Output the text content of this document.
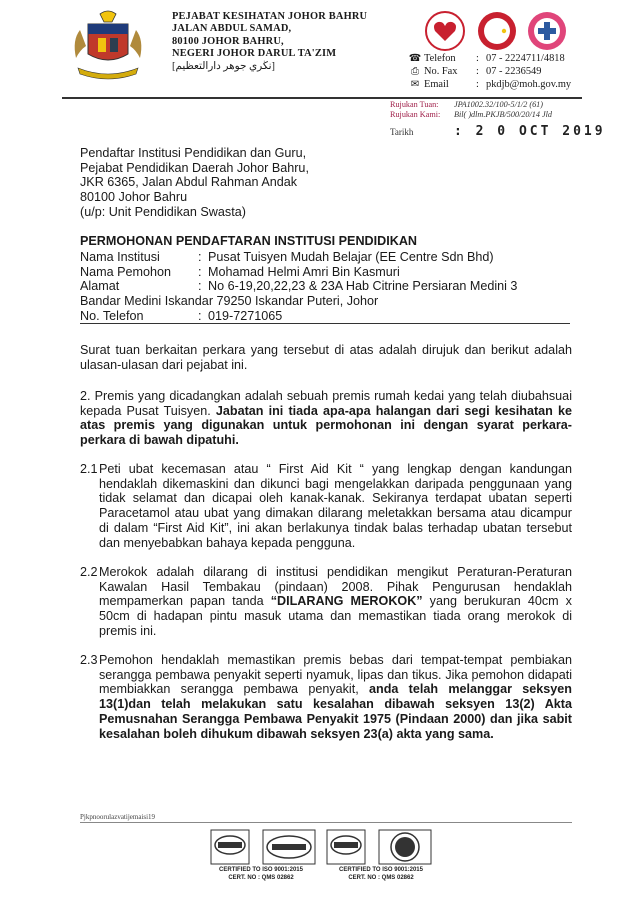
PEJABAT KESIHATAN JOHOR BAHRU
JALAN ABDUL SAMAD,
80100 JOHOR BAHRU,
NEGERI JOHOR DARUL TA'ZIM
[نڬري جوهر دارالتعظيم]
☎ Telefon	: 07 - 2224711/4818
⎙ No. Fax	: 07 - 2236549
✉ Email	: pkdjb@moh.gov.my
Rujukan Tuan:	JPA1002.32/100-5/1/2 (61)
Rujukan Kami:	Bil( )dlm.PKJB/500/20/14 Jld
Tarikh	: 2 0 OCT 2019
Pendaftar Institusi Pendidikan dan Guru,
Pejabat Pendidikan Daerah Johor Bahru,
JKR 6365, Jalan Abdul Rahman Andak
80100 Johor Bahru
(u/p: Unit Pendidikan Swasta)
PERMOHONAN PENDAFTARAN INSTITUSI PENDIDIKAN
Nama Institusi	: Pusat Tuisyen Mudah Belajar (EE Centre Sdn Bhd)
Nama Pemohon	: Mohamad Helmi Amri Bin Kasmuri
Alamat	: No 6-19,20,22,23 & 23A Hab Citrine Persiaran Medini 3
Bandar Medini Iskandar 79250 Iskandar Puteri, Johor
No. Telefon	: 019-7271065

Surat tuan berkaitan perkara yang tersebut di atas adalah dirujuk dan berikut adalah ulasan-ulasan dari pejabat ini.

2. Premis yang dicadangkan adalah sebuah premis rumah kedai yang telah diubahsuai kepada Pusat Tuisyen. Jabatan ini tiada apa-apa halangan dari segi kesihatan ke atas premis yang digunakan untuk permohonan ini dengan syarat perkara-perkara di bawah dipatuhi.

2.1 Peti ubat kecemasan atau “ First Aid Kit “ yang lengkap dengan kandungan hendaklah dikemaskini dan dikunci bagi mengelakkan daripada penggunaan yang tidak selamat dan dicapai oleh kanak-kanak. Sekiranya terdapat ubatan seperti Paracetamol atau ubat yang dimakan dilarang meletakkan bersama atau dicampur di dalam “First Aid Kit”, ini akan berlakunya tindak balas terhadap ubatan tersebut dan menyebabkan bahaya kepada pengguna.

2.2 Merokok adalah dilarang di institusi pendidikan mengikut Peraturan-Peraturan Kawalan Hasil Tembakau (pindaan) 2008. Pihak Pengurusan hendaklah mempamerkan papan tanda “DILARANG MEROKOK” yang berukuran 40cm x 50cm di hadapan pintu masuk utama dan memastikan tiada orang merokok di premis ini.

2.3 Pemohon hendaklah memastikan premis bebas dari tempat-tempat pembiakan serangga pembawa penyakit seperti nyamuk, lipas dan tikus. Jika pemohon didapati membiakkan serangga pembawa penyakit, anda telah melanggar seksyen 13(1)dan telah melakukan satu kesalahan dibawah seksyen 13(2) Akta Pemusnahan Serangga Pembawa Penyakit 1975 (Pindaan 2000) dan jika sabit kesalahan boleh dihukum dibawah seksyen 23(a) akta yang sama.

Pjkpnoorulazvatijemaisi19
CERTIFIED TO ISO 9001:2015
CERT. NO : QMS 02862
CERTIFIED TO ISO 9001:2015
CERT. NO : QMS 02862
